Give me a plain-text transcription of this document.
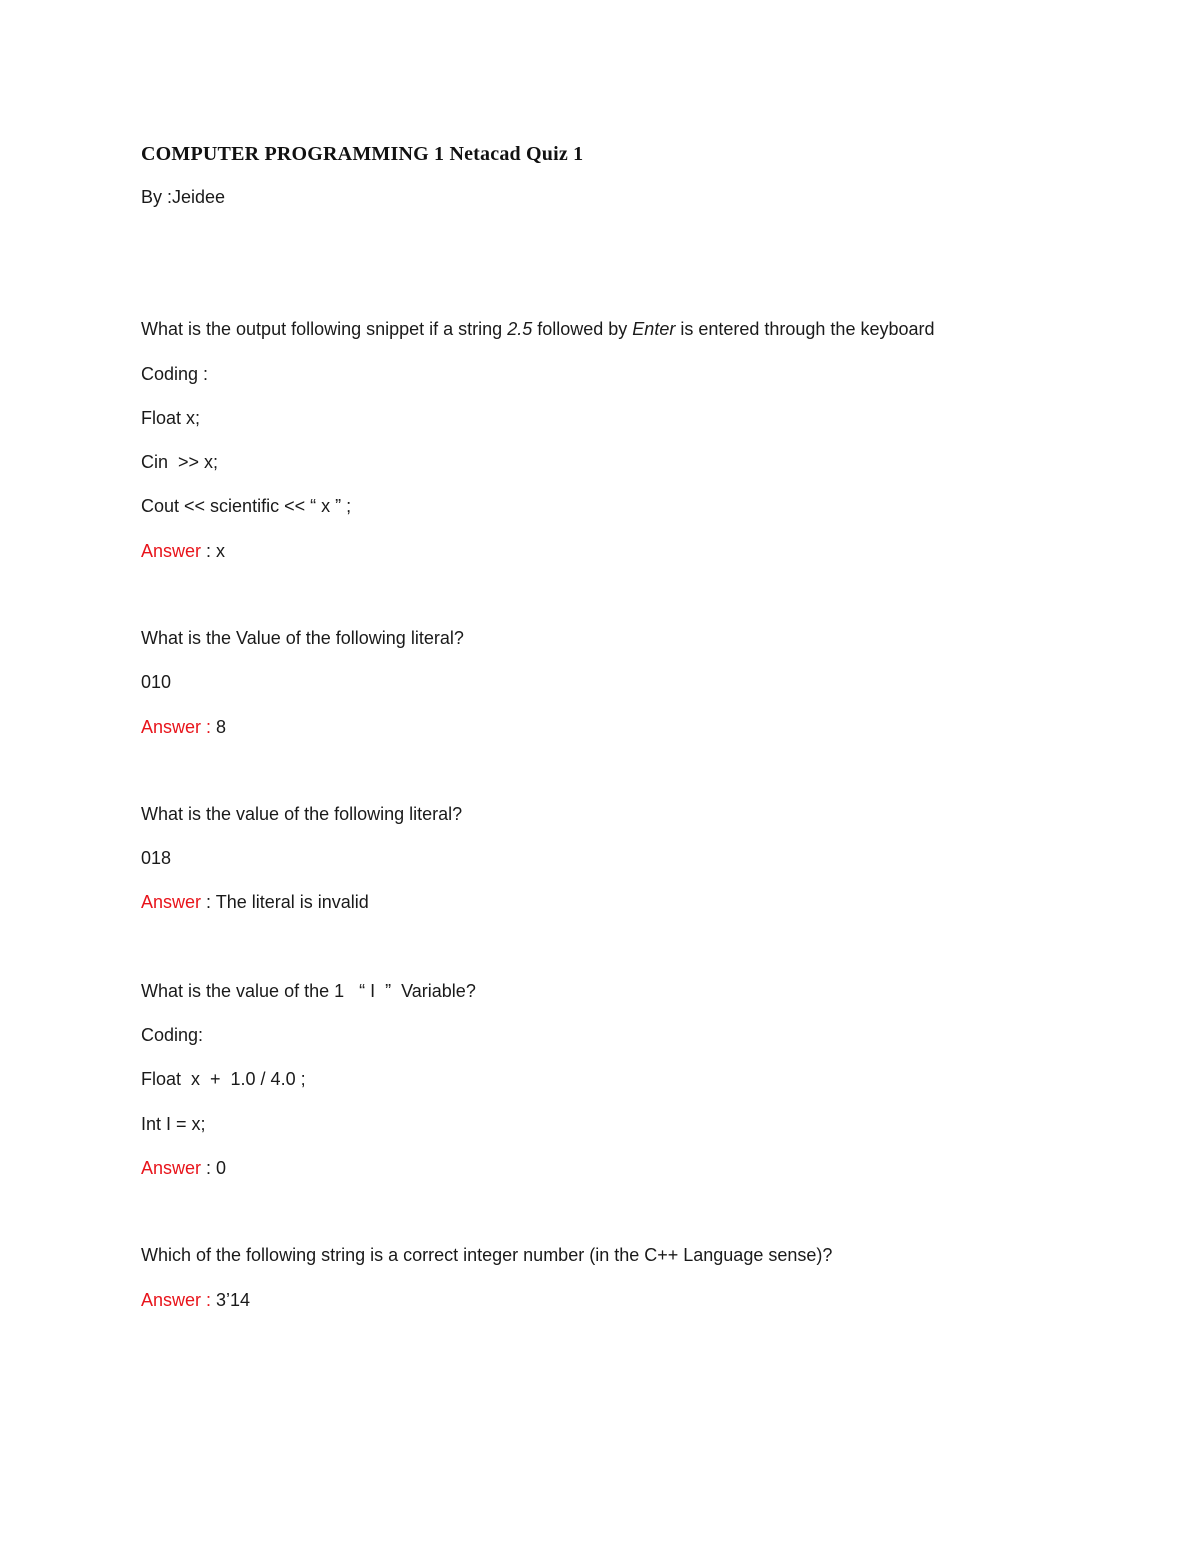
COMPUTER PROGRAMMING 1 Netacad Quiz 1
By :Jeidee
What is the output following snippet if a string 2.5 followed by Enter is entered through the keyboard
Coding :
Float x;
Cin  >> x;
Cout << scientific << “ x ” ;
Answer : x
What is the Value of the following literal?
010
Answer : 8
What is the value of the following literal?
018
Answer : The literal is invalid
What is the value of the 1   “ I  ”  Variable?
Coding:
Float  x  +  1.0 / 4.0 ;
Int I = x;
Answer : 0
Which of the following string is a correct integer number (in the C++ Language sense)?
Answer : 3’14
